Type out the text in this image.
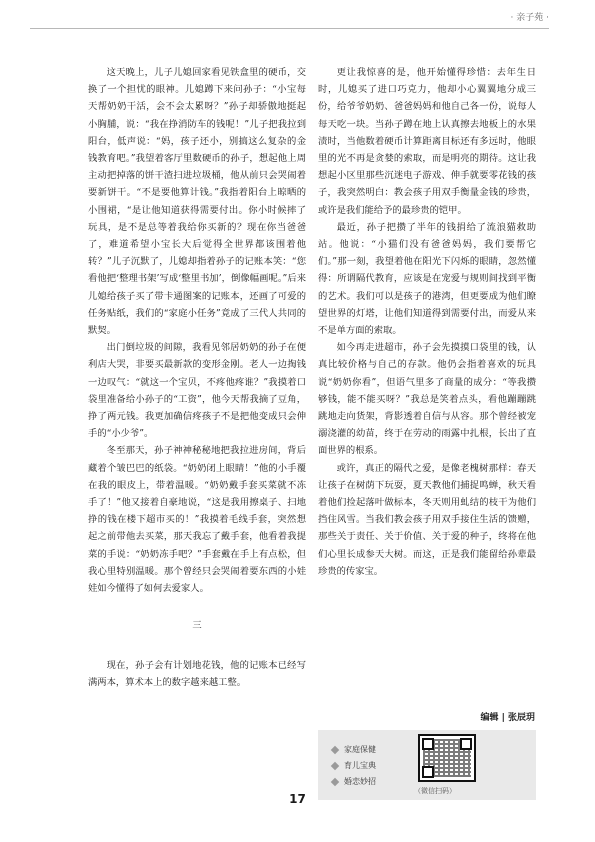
· 亲子苑 ·

这天晚上，儿子儿媳回家看见铁盒里的硬币，交换了一个担忧的眼神。儿媳蹲下来问孙子：“小宝每天帮奶奶干活，会不会太累呀？”孙子却骄傲地挺起小胸脯，说：“我在挣消防车的钱呢！”儿子把我拉到阳台，低声说：“妈，孩子还小，别搞这么复杂的金钱教育吧。”我望着客厅里数硬币的孙子，想起他上周主动把掉落的饼干渣扫进垃圾桶，他从前只会哭闹着要新饼干。“不是要他算计钱。”我指着阳台上晾晒的小围裙，“是让他知道获得需要付出。你小时候摔了玩具，是不是总等着我给你买新的？现在你当爸爸了，难道希望小宝长大后觉得全世界都该围着他转？”儿子沉默了，儿媳却指着孙子的记账本笑：“您看他把‘整理书架’写成‘整里书加’，倒像幅画呢。”后来儿媳给孩子买了带卡通图案的记账本，还画了可爱的任务贴纸，我们的“家庭小任务”竟成了三代人共同的默契。

出门倒垃圾的间隙，我看见邻居奶奶的孙子在便利店大哭，非要买最新款的变形金刚。老人一边掏钱一边叹气：“就这一个宝贝，不疼他疼谁？”我摸着口袋里准备给小孙子的“工资”，他今天帮我摘了豆角，挣了两元钱。我更加确信疼孩子不是把他变成只会伸手的“小少爷”。

冬至那天，孙子神神秘秘地把我拉进房间，背后藏着个皱巴巴的纸袋。“奶奶闭上眼睛！”他的小手覆在我的眼皮上，带着温暖。“奶奶戴手套买菜就不冻手了！”他又接着自豪地说，“这是我用擦桌子、扫地挣的钱在楼下超市买的！”我摸着毛线手套，突然想起之前带他去买菜，那天我忘了戴手套，他看着我提菜的手说：“奶奶冻手吧？”手套戴在手上有点松，但我心里特别温暖。那个曾经只会哭闹着要东西的小娃娃如今懂得了如何去爱家人。

三

现在，孙子会有计划地花钱，他的记账本已经写满两本，算术本上的数字越来越工整。

更让我惊喜的是，他开始懂得珍惜：去年生日时，儿媳买了进口巧克力，他却小心翼翼地分成三份，给爷爷奶奶、爸爸妈妈和他自己各一份，说每人每天吃一块。当孙子蹲在地上认真擦去地板上的水果渍时，当他数着硬币计算距离目标还有多远时，他眼里的光不再是贪婪的索取，而是明亮的期待。这让我想起小区里那些沉迷电子游戏、伸手就要零花钱的孩子，我突然明白：教会孩子用双手衡量金钱的珍贵，或许是我们能给予的最珍贵的铠甲。

最近，孙子把攒了半年的钱捐给了流浪猫救助站。他说：“小猫们没有爸爸妈妈，我们要帮它们。”那一刻，我望着他在阳光下闪烁的眼睛，忽然懂得：所谓隔代教育，应该是在宠爱与规则间找到平衡的艺术。我们可以是孩子的港湾，但更要成为他们瞭望世界的灯塔，让他们知道得到需要付出，而爱从来不是单方面的索取。

如今再走进超市，孙子会先摸摸口袋里的钱，认真比较价格与自己的存款。他仍会指着喜欢的玩具说“奶奶你看”，但语气里多了商量的成分：“等我攒够钱，能不能买呀？”我总是笑着点头，看他蹦蹦跳跳地走向货架，背影透着自信与从容。那个曾经被宠溺浇灌的幼苗，终于在劳动的雨露中扎根，长出了直面世界的根系。

或许，真正的隔代之爱，是像老槐树那样：春天让孩子在树荫下玩耍，夏天教他们捕捉鸣蝉，秋天看着他们捡起落叶做标本，冬天则用虬结的枝干为他们挡住风雪。当我们教会孩子用双手接住生活的馈赠，那些关于责任、关于价值、关于爱的种子，终将在他们心里长成参天大树。而这，正是我们能留给孙辈最珍贵的传家宝。

编辑 | 张辰玥
家庭保健
育儿宝典
婚恋妙招
（微信扫码）
17
